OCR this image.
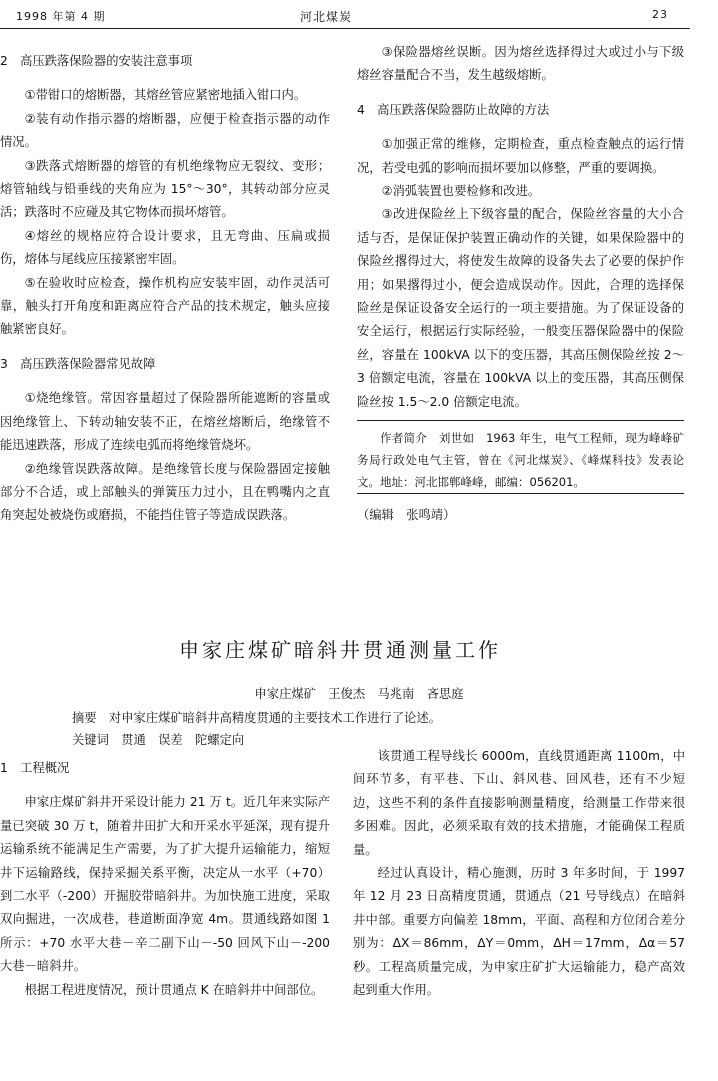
1998 年第 4 期	河北煤炭	23

2　高压跌落保险器的安装注意事项

①带钳口的熔断器，其熔丝管应紧密地插入钳口内。

②装有动作指示器的熔断器，应便于检查指示器的动作情况。

③跌落式熔断器的熔管的有机绝缘物应无裂纹、变形；熔管轴线与铅垂线的夹角应为 15°～30°，其转动部分应灵活；跌落时不应碰及其它物体而损坏熔管。

④熔丝的规格应符合设计要求，且无弯曲、压扁或损伤，熔体与尾线应压接紧密牢固。

⑤在验收时应检查，操作机构应安装牢固，动作灵活可靠，触头打开角度和距离应符合产品的技术规定，触头应接触紧密良好。

3　高压跌落保险器常见故障

①烧绝缘管。常因容量超过了保险器所能遮断的容量或因绝缘管上、下转动轴安装不正，在熔丝熔断后，绝缘管不能迅速跌落，形成了连续电弧而将绝缘管烧坏。

②绝缘管误跌落故障。是绝缘管长度与保险器固定接触部分不合适，或上部触头的弹簧压力过小，且在鸭嘴内之直角突起处被烧伤或磨损，不能挡住管子等造成误跌落。

③保险器熔丝误断。因为熔丝选择得过大或过小与下级熔丝容量配合不当，发生越级熔断。

4　高压跌落保险器防止故障的方法

①加强正常的维修，定期检查，重点检查触点的运行情况，若受电弧的影响而损坏要加以修整，严重的要调换。

②消弧装置也要检修和改进。

③改进保险丝上下级容量的配合，保险丝容量的大小合适与否，是保证保护装置正确动作的关键，如果保险器中的保险丝撂得过大，将使发生故障的设备失去了必要的保护作用；如果撂得过小，便会造成误动作。因此，合理的选择保险丝是保证设备安全运行的一项主要措施。为了保证设备的安全运行，根据运行实际经验，一般变压器保险器中的保险丝，容量在 100kVA 以下的变压器，其高压侧保险丝按 2～3 倍额定电流，容量在 100kVA 以上的变压器，其高压侧保险丝按 1.5～2.0 倍额定电流。

作者简介　刘世如　1963 年生，电气工程师，现为峰峰矿务局行政处电气主管，曾在《河北煤炭》、《峰煤科技》发表论文。地址：河北邯郸峰峰，邮编：056201。

（编辑　张鸣靖）

申家庄煤矿暗斜井贯通测量工作
申家庄煤矿　王俊杰　马兆南　吝思庭
摘要　对申家庄煤矿暗斜井高精度贯通的主要技术工作进行了论述。
关键词　贯通　误差　陀螺定向

1　工程概况

申家庄煤矿斜井开采设计能力 21 万 t。近几年来实际产量已突破 30 万 t，随着井田扩大和开采水平延深，现有提升运输系统不能满足生产需要，为了扩大提升运输能力，缩短井下运输路线，保持采掘关系平衡，决定从一水平（+70）到二水平（-200）开掘胶带暗斜井。为加快施工进度，采取双向掘进，一次成巷，巷道断面净宽 4m。贯通线路如图 1 所示：+70 水平大巷－辛二副下山－-50 回风下山－-200 大巷－暗斜井。

根据工程进度情况，预计贯通点 K 在暗斜井中间部位。

该贯通工程导线长 6000m，直线贯通距离 1100m，中间环节多，有平巷、下山、斜风巷、回风巷，还有不少短边，这些不利的条件直接影响测量精度，给测量工作带来很多困难。因此，必须采取有效的技术措施，才能确保工程质量。

经过认真设计，精心施测，历时 3 年多时间，于 1997 年 12 月 23 日高精度贯通，贯通点（21 号导线点）在暗斜井中部。重要方向偏差 18mm，平面、高程和方位闭合差分别为：ΔX＝86mm，ΔY＝0mm，ΔH＝17mm，Δα＝57 秒。工程高质量完成，为申家庄矿扩大运输能力，稳产高效起到重大作用。
